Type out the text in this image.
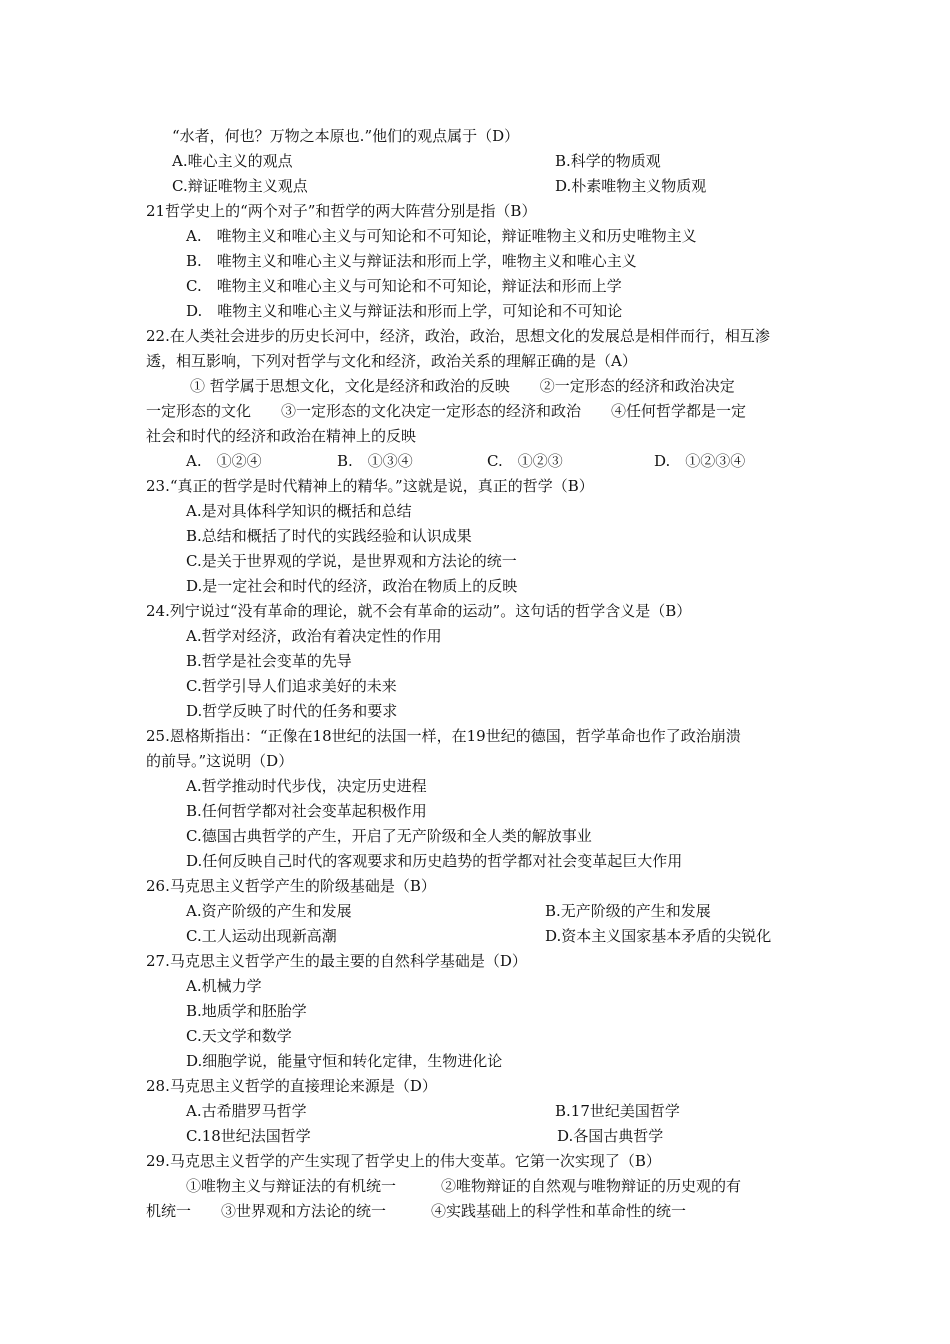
“水者，何也？万物之本原也.”他们的观点属于（D）
A.唯心主义的观点	B.科学的物质观
C.辩证唯物主义观点	D.朴素唯物主义物质观
21哲学史上的“两个对子”和哲学的两大阵营分别是指（B）
A.　唯物主义和唯心主义与可知论和不可知论，辩证唯物主义和历史唯物主义
B.　唯物主义和唯心主义与辩证法和形而上学，唯物主义和唯心主义
C.　唯物主义和唯心主义与可知论和不可知论，辩证法和形而上学
D.　唯物主义和唯心主义与辩证法和形而上学，可知论和不可知论
22.在人类社会进步的历史长河中，经济，政治，政治，思想文化的发展总是相伴而行，相互渗
透，相互影响，下列对哲学与文化和经济，政治关系的理解正确的是（A）
① 哲学属于思想文化，文化是经济和政治的反映　　②一定形态的经济和政治决定
一定形态的文化　　③一定形态的文化决定一定形态的经济和政治　　④任何哲学都是一定
社会和时代的经济和政治在精神上的反映
A.　①②④	B.　①③④	C.　①②③	D.　①②③④
23.“真正的哲学是时代精神上的精华。”这就是说，真正的哲学（B）
A.是对具体科学知识的概括和总结
B.总结和概括了时代的实践经验和认识成果
C.是关于世界观的学说，是世界观和方法论的统一
D.是一定社会和时代的经济，政治在物质上的反映
24.列宁说过“没有革命的理论，就不会有革命的运动”。这句话的哲学含义是（B）
A.哲学对经济，政治有着决定性的作用
B.哲学是社会变革的先导
C.哲学引导人们追求美好的未来
D.哲学反映了时代的任务和要求
25.恩格斯指出：“正像在18世纪的法国一样，在19世纪的德国，哲学革命也作了政治崩溃
的前导。”这说明（D）
A.哲学推动时代步伐，决定历史进程
B.任何哲学都对社会变革起积极作用
C.德国古典哲学的产生，开启了无产阶级和全人类的解放事业
D.任何反映自己时代的客观要求和历史趋势的哲学都对社会变革起巨大作用
26.马克思主义哲学产生的阶级基础是（B）
A.资产阶级的产生和发展	B.无产阶级的产生和发展
C.工人运动出现新高潮	D.资本主义国家基本矛盾的尖锐化
27.马克思主义哲学产生的最主要的自然科学基础是（D）
A.机械力学
B.地质学和胚胎学
C.天文学和数学
D.细胞学说，能量守恒和转化定律，生物进化论
28.马克思主义哲学的直接理论来源是（D）
A.古希腊罗马哲学	B.17世纪美国哲学
C.18世纪法国哲学	D.各国古典哲学
29.马克思主义哲学的产生实现了哲学史上的伟大变革。它第一次实现了（B）
①唯物主义与辩证法的有机统一　　　②唯物辩证的自然观与唯物辩证的历史观的有
机统一　　③世界观和方法论的统一　　　④实践基础上的科学性和革命性的统一
